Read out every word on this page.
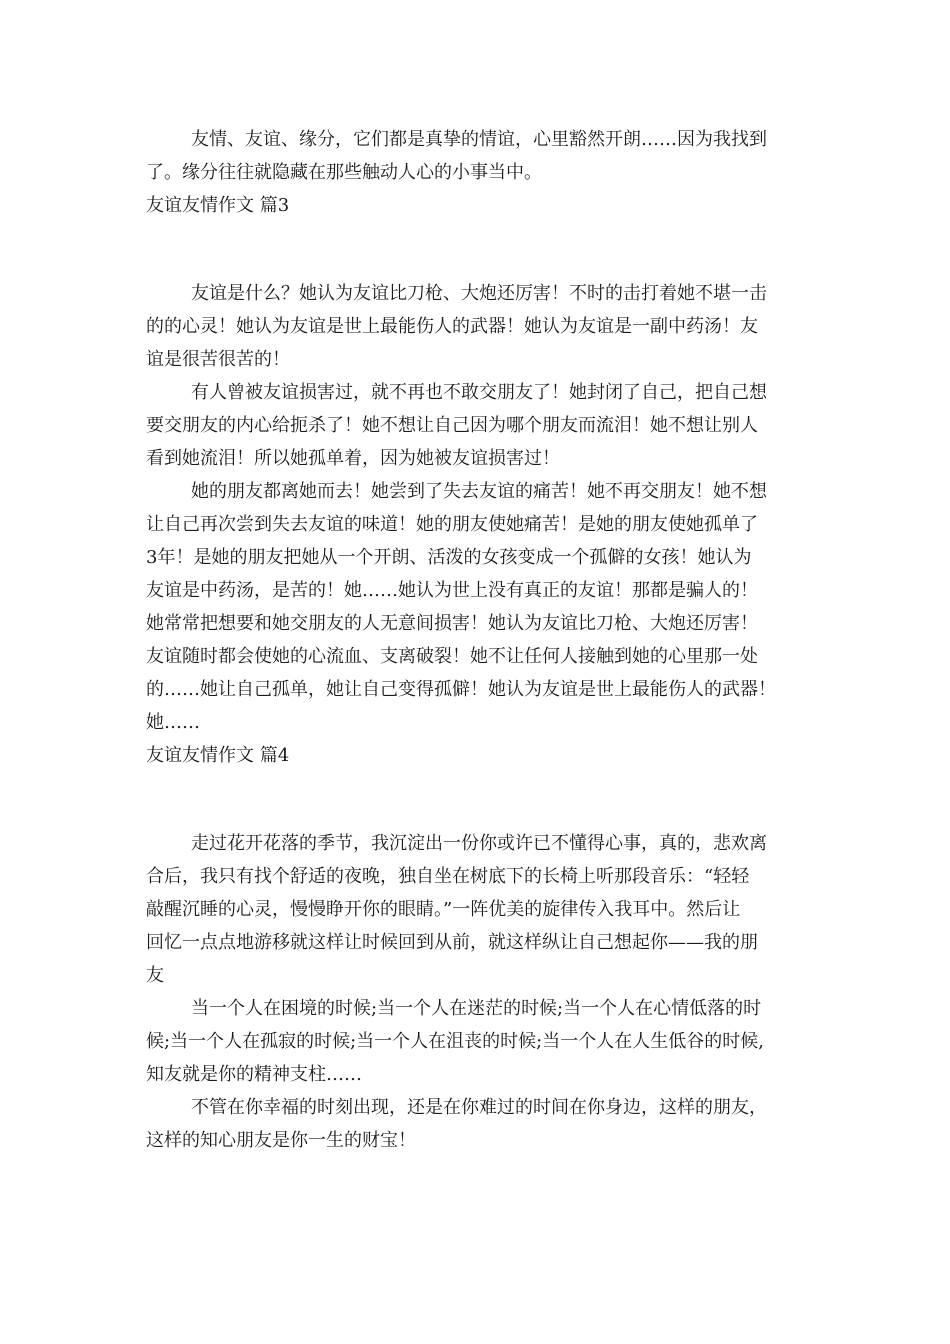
友情、友谊、缘分，它们都是真挚的情谊，心里豁然开朗……因为我找到
了。缘分往往就隐藏在那些触动人心的小事当中。
友谊友情作文 篇3
友谊是什么？她认为友谊比刀枪、大炮还厉害！不时的击打着她不堪一击
的的心灵！她认为友谊是世上最能伤人的武器！她认为友谊是一副中药汤！友
谊是很苦很苦的！
有人曾被友谊损害过，就不再也不敢交朋友了！她封闭了自己，把自己想
要交朋友的内心给扼杀了！她不想让自己因为哪个朋友而流泪！她不想让别人
看到她流泪！所以她孤单着，因为她被友谊损害过！
她的朋友都离她而去！她尝到了失去友谊的痛苦！她不再交朋友！她不想
让自己再次尝到失去友谊的味道！她的朋友使她痛苦！是她的朋友使她孤单了
3年！是她的朋友把她从一个开朗、活泼的女孩变成一个孤僻的女孩！她认为
友谊是中药汤，是苦的！她……她认为世上没有真正的友谊！那都是骗人的！
她常常把想要和她交朋友的人无意间损害！她认为友谊比刀枪、大炮还厉害！
友谊随时都会使她的心流血、支离破裂！她不让任何人接触到她的心里那一处
的……她让自己孤单，她让自己变得孤僻！她认为友谊是世上最能伤人的武器！
她……
友谊友情作文 篇4
走过花开花落的季节，我沉淀出一份你或许已不懂得心事，真的，悲欢离
合后，我只有找个舒适的夜晚，独自坐在树底下的长椅上听那段音乐：“轻轻
敲醒沉睡的心灵，慢慢睁开你的眼睛。”一阵优美的旋律传入我耳中。然后让
回忆一点点地游移就这样让时候回到从前，就这样纵让自己想起你——我的朋
友
当一个人在困境的时候;当一个人在迷茫的时候;当一个人在心情低落的时
候;当一个人在孤寂的时候;当一个人在沮丧的时候;当一个人在人生低谷的时候,
知友就是你的精神支柱……
不管在你幸福的时刻出现，还是在你难过的时间在你身边，这样的朋友，
这样的知心朋友是你一生的财宝！
